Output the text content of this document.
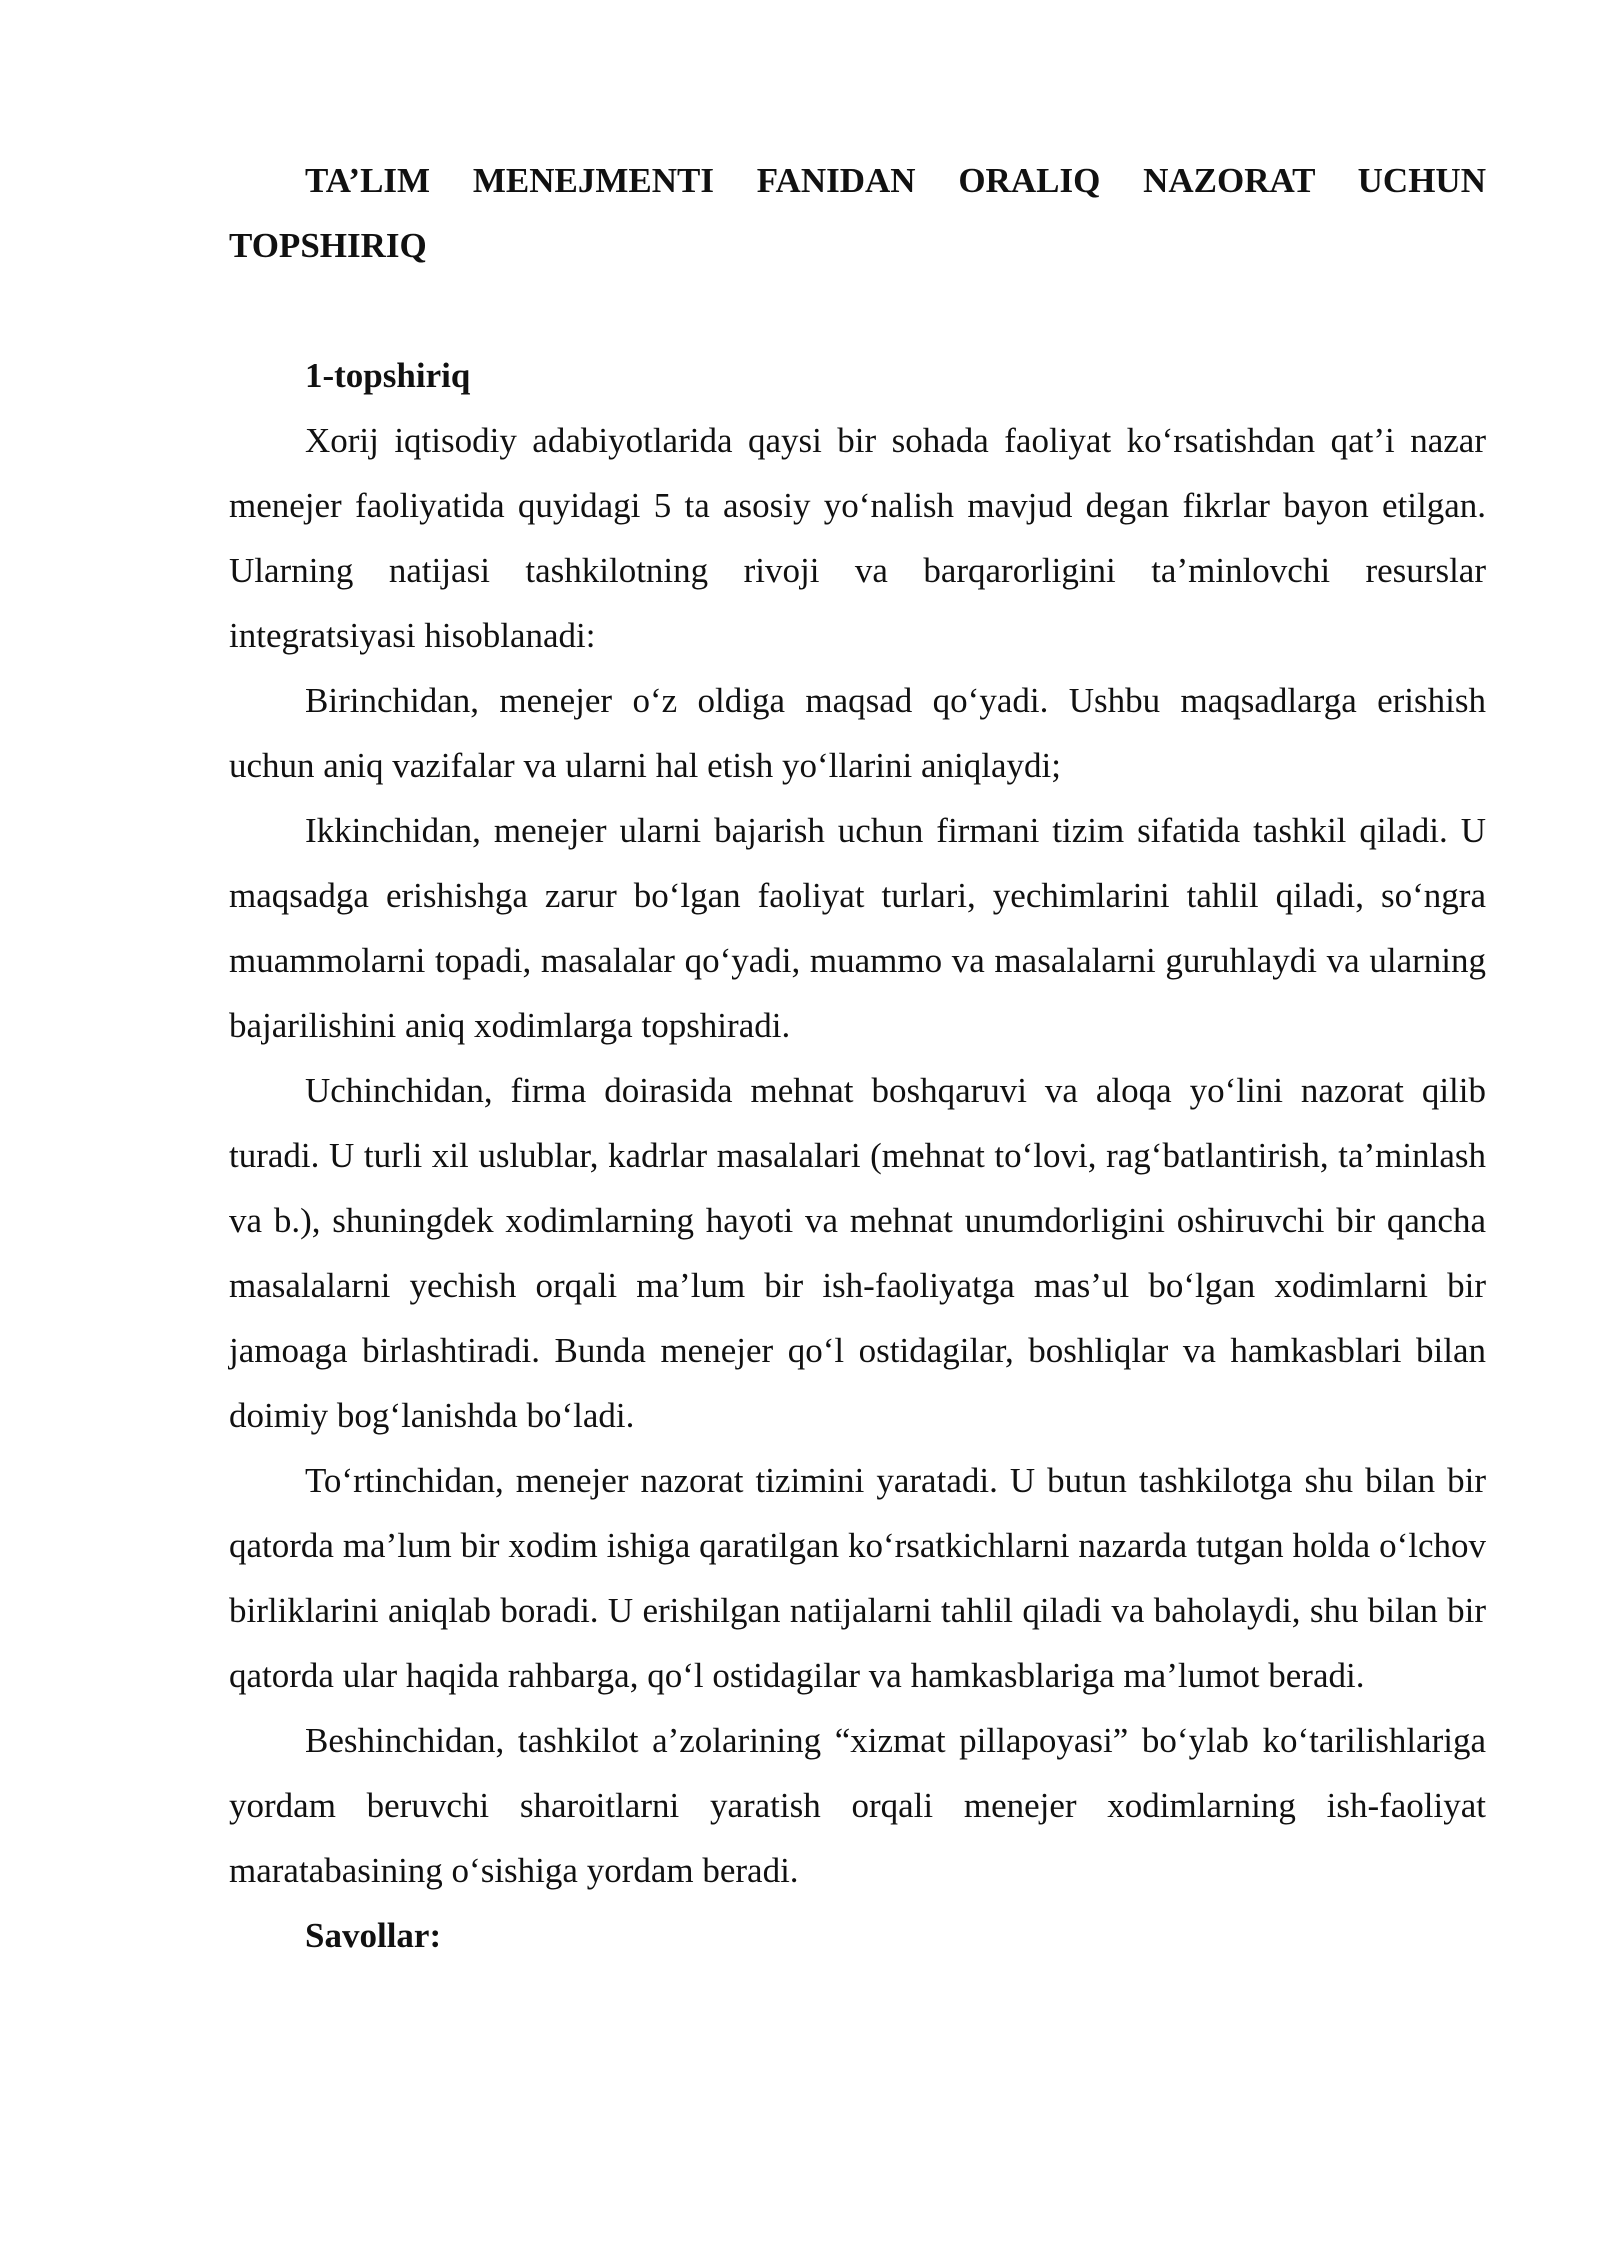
TA’LIM MENEJMENTI FANIDAN ORALIQ NAZORAT UCHUN TOPSHIRIQ

1-topshiriq

Xorij iqtisodiy adabiyotlarida qaysi bir sohada faoliyat ko‘rsatishdan qat’i nazar menejer faoliyatida quyidagi 5 ta asosiy yo‘nalish mavjud degan fikrlar bayon etilgan. Ularning natijasi tashkilotning rivoji va barqarorligini ta’minlovchi resurslar integratsiyasi hisoblanadi:

Birinchidan, menejer o‘z oldiga maqsad qo‘yadi. Ushbu maqsadlarga erishish uchun aniq vazifalar va ularni hal etish yo‘llarini aniqlaydi;

Ikkinchidan, menejer ularni bajarish uchun firmani tizim sifatida tashkil qiladi. U maqsadga erishishga zarur bo‘lgan faoliyat turlari, yechimlarini tahlil qiladi, so‘ngra muammolarni topadi, masalalar qo‘yadi, muammo va masalalarni guruhlaydi va ularning bajarilishini aniq xodimlarga topshiradi.

Uchinchidan, firma doirasida mehnat boshqaruvi va aloqa yo‘lini nazorat qilib turadi. U turli xil uslublar, kadrlar masalalari (mehnat to‘lovi, rag‘batlantirish, ta’minlash va b.), shuningdek xodimlarning hayoti va mehnat unumdorligini oshiruvchi bir qancha masalalarni yechish orqali ma’lum bir ish-faoliyatga mas’ul bo‘lgan xodimlarni bir jamoaga birlashtiradi. Bunda menejer qo‘l ostidagilar, boshliqlar va hamkasblari bilan doimiy bog‘lanishda bo‘ladi.

To‘rtinchidan, menejer nazorat tizimini yaratadi. U butun tashkilotga shu bilan bir qatorda ma’lum bir xodim ishiga qaratilgan ko‘rsatkichlarni nazarda tutgan holda o‘lchov birliklarini aniqlab boradi. U erishilgan natijalarni tahlil qiladi va baholaydi, shu bilan bir qatorda ular haqida rahbarga, qo‘l ostidagilar va hamkasblariga ma’lumot beradi.

Beshinchidan, tashkilot a’zolarining “xizmat pillapoyasi” bo‘ylab ko‘tarilishlariga yordam beruvchi sharoitlarni yaratish orqali menejer xodimlarning ish-faoliyat maratabasining o‘sishiga yordam beradi.

Savollar:
